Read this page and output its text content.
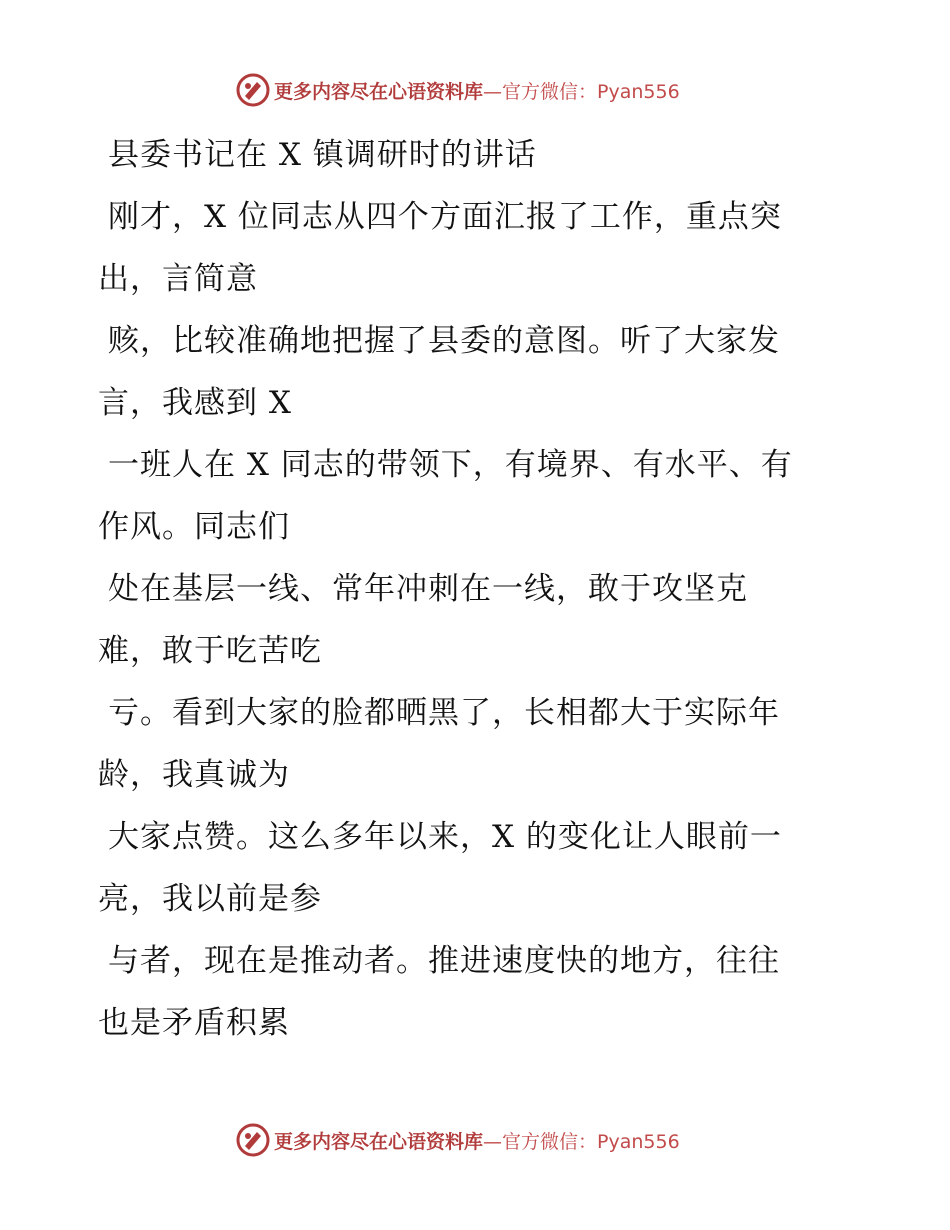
更多内容尽在心语资料库—官方微信：Pyan556
县委书记在 X 镇调研时的讲话
刚才，X 位同志从四个方面汇报了工作，重点突
出，言简意
赅，比较准确地把握了县委的意图。听了大家发
言，我感到 X
一班人在 X 同志的带领下，有境界、有水平、有
作风。同志们
处在基层一线、常年冲刺在一线，敢于攻坚克
难，敢于吃苦吃
亏。看到大家的脸都晒黑了，长相都大于实际年
龄，我真诚为
大家点赞。这么多年以来，X 的变化让人眼前一
亮，我以前是参
与者，现在是推动者。推进速度快的地方，往往
也是矛盾积累
更多内容尽在心语资料库—官方微信：Pyan556
